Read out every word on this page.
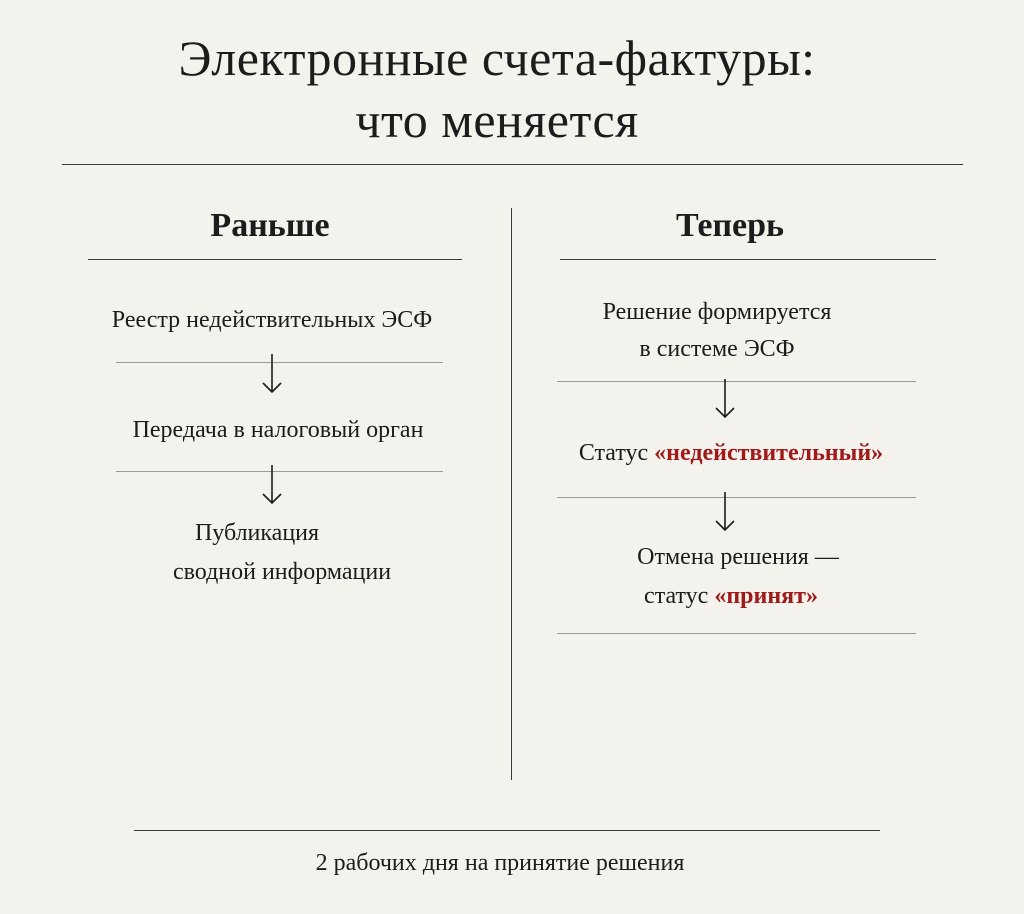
Электронные счета-фактуры:
что меняется
Раньше
Реестр недействительных ЭСФ
Передача в налоговый орган
Публикация
сводной информации
Теперь
Решение формируется
в системе ЭСФ
Статус «недействительный»
Отмена решения —
статус «принят»
2 рабочих дня на принятие решения
